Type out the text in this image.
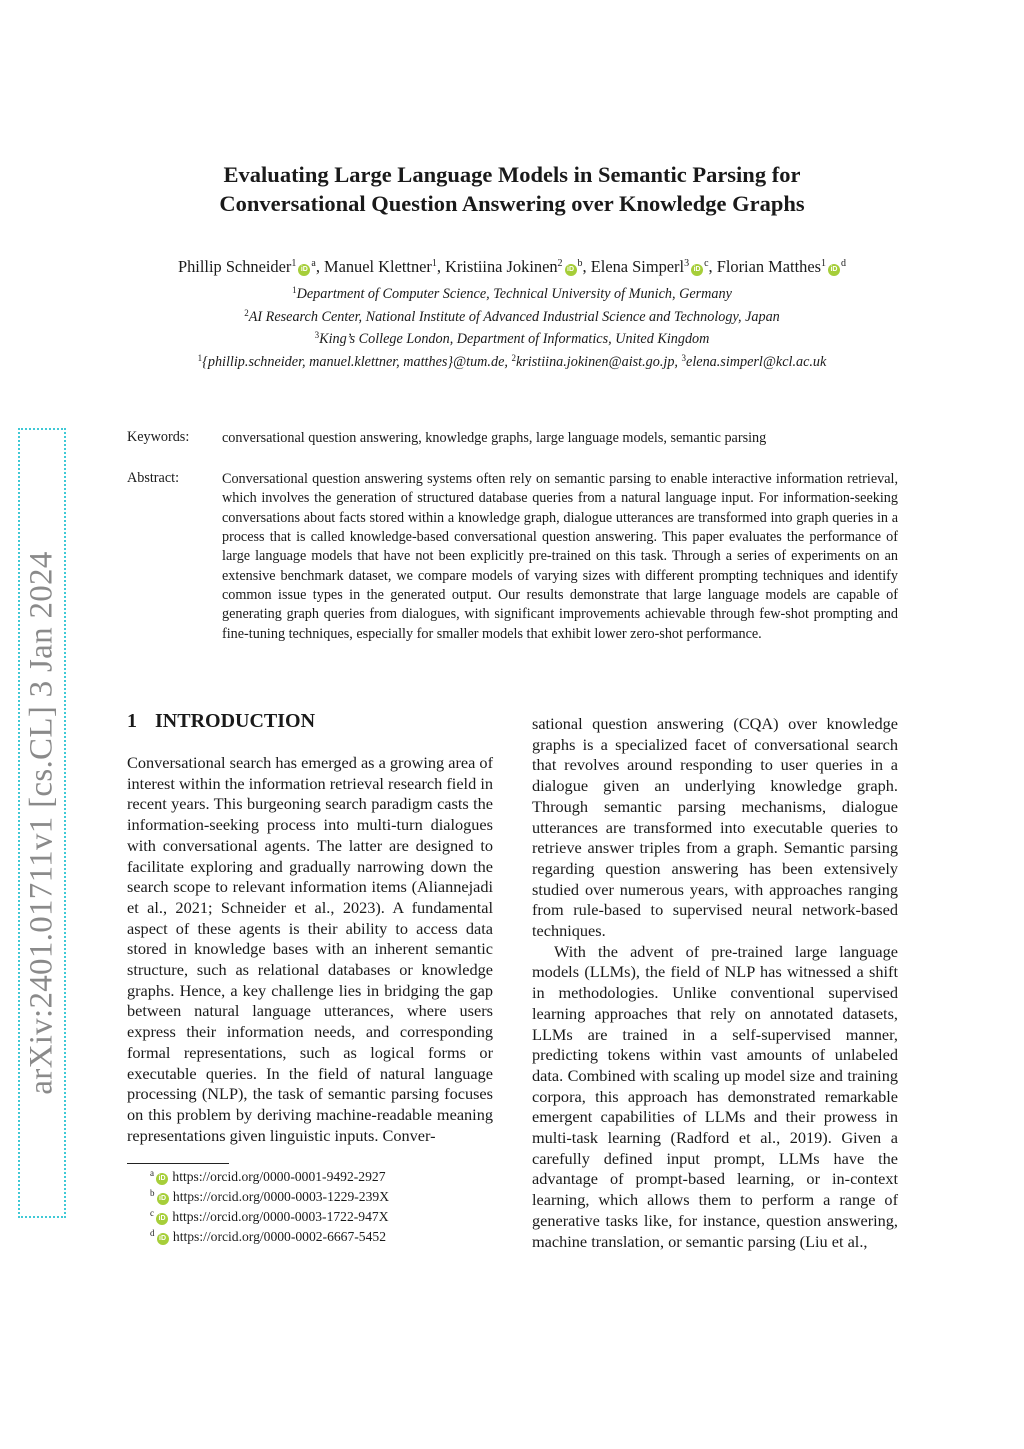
arXiv:2401.01711v1 [cs.CL] 3 Jan 2024
Evaluating Large Language Models in Semantic Parsing for
Conversational Question Answering over Knowledge Graphs
Phillip $Schneider^1iD^a$, Manuel Klettner$^1$, Kristiina $Jokinen^2iD^b$, Elena $Simperl^3iD^c$, Florian $Matthes^1iD^d$
$^1$Department of Computer Science, Technical University of Munich, Germany
$^2$AI Research Center, National Institute of Advanced Industrial Science and Technology, Japan
$^3$King’s College London, Department of Informatics, United Kingdom
$^1${phillip.schneider, manuel.klettner, matthes}@tum.de, $^2$kristiina.jokinen@aist.go.jp, $^3$elena.simperl@kcl.ac.uk
Keywords: conversational question answering, knowledge graphs, large language models, semantic parsing
Abstract:	Conversational question answering systems often rely on semantic parsing to enable interactive information retrieval, which involves the generation of structured database queries from a natural language input. For information-seeking conversations about facts stored within a knowledge graph, dialogue utterances are transformed into graph queries in a process that is called knowledge-based conversational question answering. This paper evaluates the performance of large language models that have not been explicitly pre-trained on this task. Through a series of experiments on an extensive benchmark dataset, we compare models of varying sizes with different prompting techniques and identify common issue types in the generated output. Our results demonstrate that large language models are capable of generating graph queries from dialogues, with significant improvements achievable through few-shot prompting and fine-tuning techniques, especially for smaller models that exhibit lower zero-shot performance.
1 INTRODUCTION

Conversational search has emerged as a growing area of interest within the information retrieval research field in recent years. This burgeoning search paradigm casts the information-seeking process into multi-turn dialogues with conversational agents. The latter are designed to facilitate exploring and gradually narrowing down the search scope to relevant information items (Aliannejadi et al., 2021; Schneider et al., 2023). A fundamental aspect of these agents is their ability to access data stored in knowledge bases with an inherent semantic structure, such as relational databases or knowledge graphs. Hence, a key challenge lies in bridging the gap between natural language utterances, where users express their information needs, and corresponding formal representations, such as logical forms or executable queries. In the field of natural language processing (NLP), the task of semantic parsing focuses on this problem by deriving machine-readable meaning representations given linguistic inputs. Conver-

sational question answering (CQA) over knowledge graphs is a specialized facet of conversational search that revolves around responding to user queries in a dialogue given an underlying knowledge graph. Through semantic parsing mechanisms, dialogue utterances are transformed into executable queries to retrieve answer triples from a graph. Semantic parsing regarding question answering has been extensively studied over numerous years, with approaches ranging from rule-based to supervised neural network-based techniques.

With the advent of pre-trained large language models (LLMs), the field of NLP has witnessed a shift in methodologies. Unlike conventional supervised learning approaches that rely on annotated datasets, LLMs are trained in a self-supervised manner, predicting tokens within vast amounts of unlabeled data. Combined with scaling up model size and training corpora, this approach has demonstrated remarkable emergent capabilities of LLMs and their prowess in multi-task learning (Radford et al., 2019). Given a carefully defined input prompt, LLMs have the advantage of prompt-based learning, or in-context learning, which allows them to perform a range of generative tasks like, for instance, question answering, machine translation, or semantic parsing (Liu et al.,

$^a$iD https://orcid.org/0000-0001-9492-2927
$^b$iD https://orcid.org/0000-0003-1229-239X
$^c$iD https://orcid.org/0000-0003-1722-947X
$^d$iD https://orcid.org/0000-0002-6667-5452
